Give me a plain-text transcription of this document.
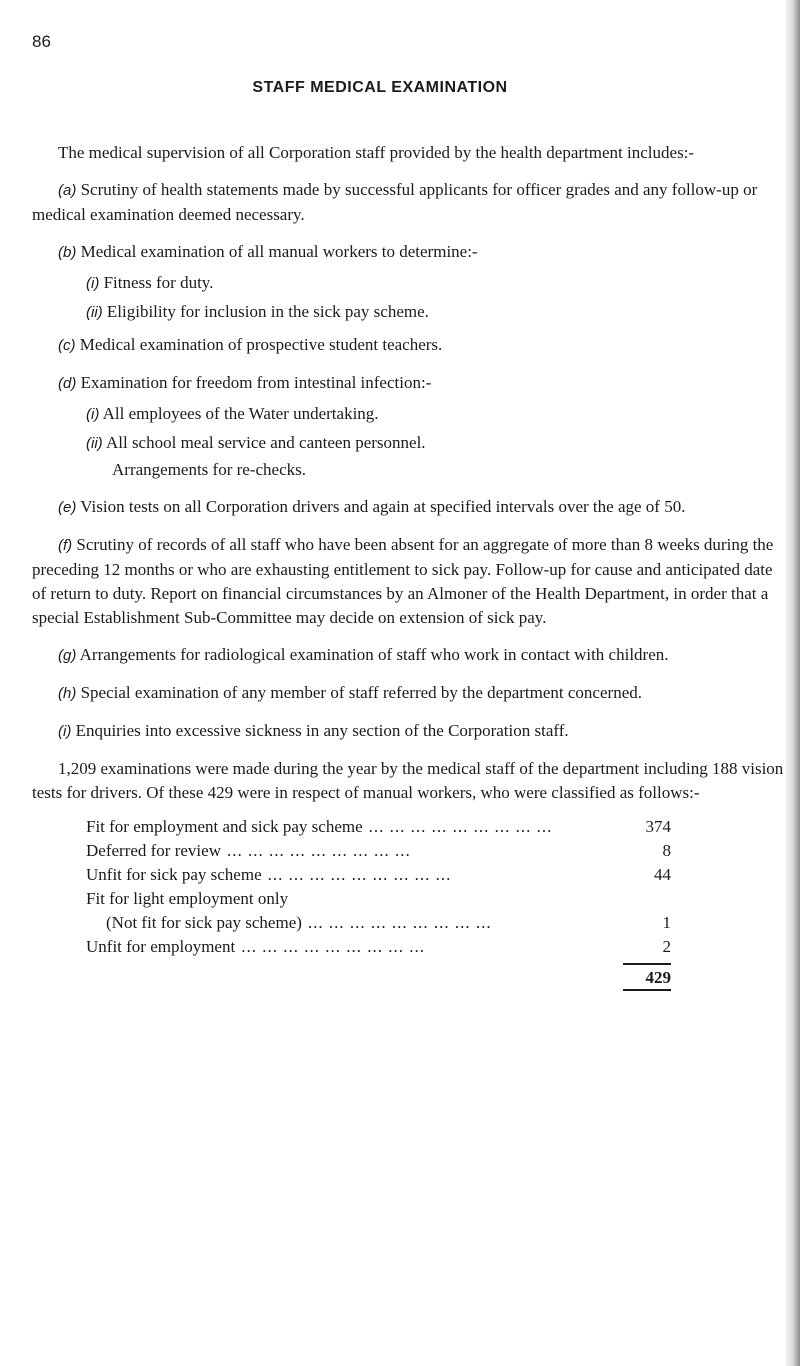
86
STAFF MEDICAL EXAMINATION

The medical supervision of all Corporation staff provided by the health department includes:-

(a) Scrutiny of health statements made by successful applicants for officer grades and any follow-up or medical examination deemed necessary.

(b) Medical examination of all manual workers to determine:-

(i) Fitness for duty.

(ii) Eligibility for inclusion in the sick pay scheme.

(c) Medical examination of prospective student teachers.

(d) Examination for freedom from intestinal infection:-

(i) All employees of the Water undertaking.

(ii) All school meal service and canteen personnel.

Arrangements for re-checks.

(e) Vision tests on all Corporation drivers and again at specified intervals over the age of 50.

(f) Scrutiny of records of all staff who have been absent for an aggregate of more than 8 weeks during the preceding 12 months or who are exhausting entitlement to sick pay. Follow-up for cause and anticipated date of return to duty. Report on financial circumstances by an Almoner of the Health Department, in order that a special Establishment Sub-Committee may decide on extension of sick pay.

(g) Arrangements for radiological examination of staff who work in contact with children.

(h) Special examination of any member of staff referred by the department concerned.

(i) Enquiries into excessive sickness in any section of the Corporation staff.

1,209 examinations were made during the year by the medical staff of the department including 188 vision tests for drivers. Of these 429 were in respect of manual workers, who were classified as follows:-

Fit for employment and sick pay scheme ... ... ... ... ... ... ... ... ...	374
Deferred for review ... ... ... ... ... ... ... ... ...	8
Unfit for sick pay scheme ... ... ... ... ... ... ... ... ...	44
Fit for light employment only
(Not fit for sick pay scheme) ... ... ... ... ... ... ... ... ...	1
Unfit for employment ... ... ... ... ... ... ... ... ...	2
429
